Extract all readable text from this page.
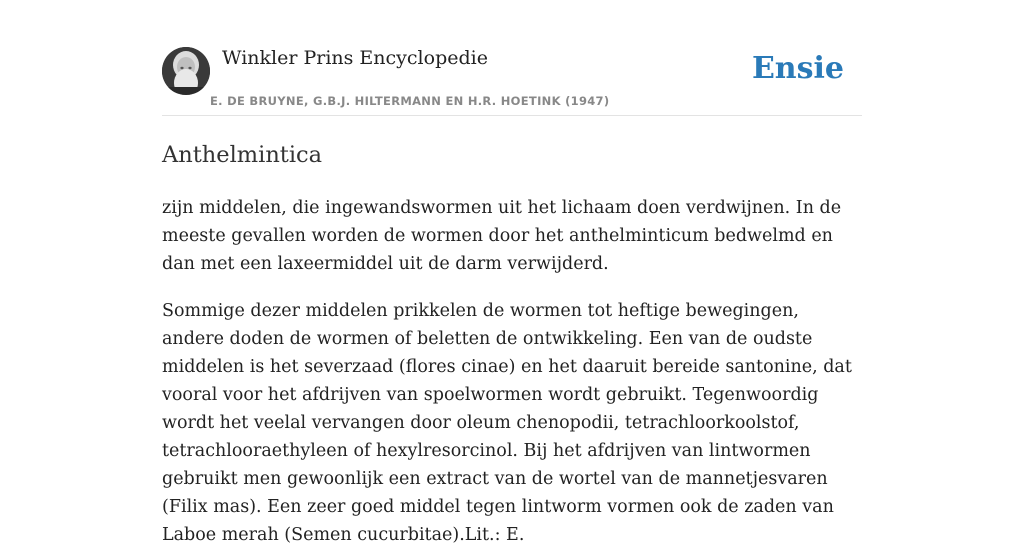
Winkler Prins Encyclopedie
E. DE BRUYNE, G.B.J. HILTERMANN EN H.R. HOETINK (1947)
Ensie
Anthelmintica

zijn middelen, die ingewandswormen uit het lichaam doen verdwijnen. In de meeste gevallen worden de wormen door het anthelminticum bedwelmd en dan met een laxeermiddel uit de darm verwijderd.

Sommige dezer middelen prikkelen de wormen tot heftige bewegingen, andere doden de wormen of beletten de ontwikkeling. Een van de oudste middelen is het severzaad (flores cinae) en het daaruit bereide santonine, dat vooral voor het afdrijven van spoelwormen wordt gebruikt. Tegenwoordig wordt het veelal vervangen door oleum chenopodii, tetrachloorkoolstof, tetrachlooraethyleen of hexylresorcinol. Bij het afdrijven van lintwormen gebruikt men gewoonlijk een extract van de wortel van de mannetjesvaren (Filix mas). Een zeer goed middel tegen lintworm vormen ook de zaden van Laboe merah (Semen cucurbitae).Lit.: E.
